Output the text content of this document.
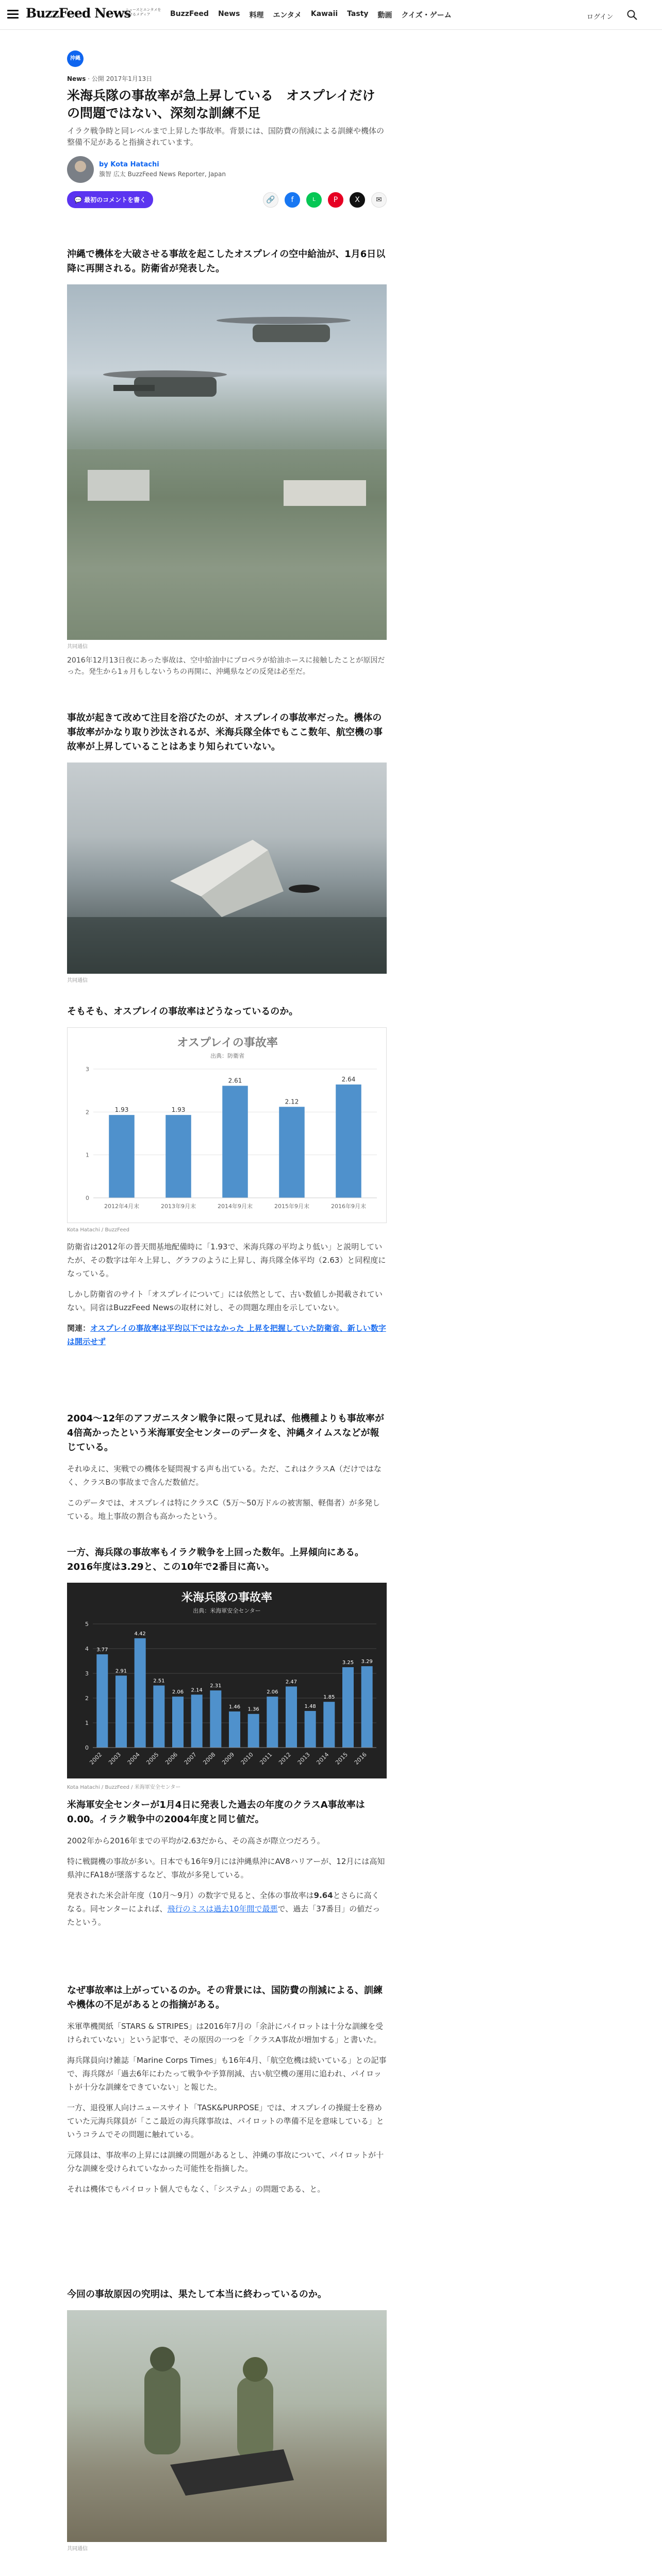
BuzzFeed News
ニュースとエンタメを届けるメディア	BuzzFeed News 料理 エンタメ Kawaii Tasty 動画 クイズ・ゲーム	ログイン
沖縄
News · 公開 2017年1月13日
米海兵隊の事故率が急上昇している　オスプレイだけの問題ではない、深刻な訓練不足
イラク戦争時と同レベルまで上昇した事故率。背景には、国防費の削減による訓練や機体の整備不足があると指摘されています。
by Kota Hatachi
籏智 広太 BuzzFeed News Reporter, Japan
💬 最初のコメントを書く	🔗	f	L	P	X	✉
沖縄で機体を大破させる事故を起こしたオスプレイの空中給油が、1月6日以降に再開される。防衛省が発表した。
共同通信
2016年12月13日夜にあった事故は、空中給油中にプロペラが給油ホースに接触したことが原因だった。発生から1ヵ月もしないうちの再開に、沖縄県などの反発は必至だ。
事故が起きて改めて注目を浴びたのが、オスプレイの事故率だった。機体の事故率がかなり取り沙汰されるが、米海兵隊全体でもここ数年、航空機の事故率が上昇していることはあまり知られていない。
共同通信
そもそも、オスプレイの事故率はどうなっているのか。
オスプレイの事故率
出典：防衛省
0
1
2
3
1.93
2012年4月末
1.93
2013年9月末
2.61
2014年9月末
2.12
2015年9月末
2.64
2016年9月末
Kota Hatachi / BuzzFeed

防衛省は2012年の普天間基地配備時に「1.93で、米海兵隊の平均より低い」と説明していたが、その数字は年々上昇し、グラフのように上昇し、海兵隊全体平均（2.63）と同程度になっている。

しかし防衛省のサイト「オスプレイについて」には依然として、古い数値しか掲載されていない。同省はBuzzFeed Newsの取材に対し、その問題な理由を示していない。

関連：オスプレイの事故率は平均以下ではなかった 上昇を把握していた防衛省、新しい数字は開示せず

2004〜12年のアフガニスタン戦争に限って見れば、他機種よりも事故率が4倍高かったという米海軍安全センターのデータを、沖縄タイムスなどが報じている。

それゆえに、実戦での機体を疑問視する声も出ている。ただ、これはクラスA（だけではなく、クラスBの事故まで含んだ数値だ。

このデータでは、オスプレイは特にクラスC（5万〜50万ドルの被害額、軽傷者）が多発している。地上事故の割合も高かったという。

一方、海兵隊の事故率もイラク戦争を上回った数年。上昇傾向にある。2016年度は3.29と、この10年で2番目に高い。
米海兵隊の事故率
出典：米海軍安全センター
0
1
2
3
4
5
3.77
2002
2.91
2003
4.42
2004
2.51
2005
2.06
2006
2.14
2007
2.31
2008
1.46
2009
1.36
2010
2.06
2011
2.47
2012
1.48
2013
1.85
2014
3.25
2015
3.29
2016
Kota Hatachi / BuzzFeed / 米海軍安全センター
米海軍安全センターが1月4日に発表した過去の年度のクラスA事故率は0.00。イラク戦争中の2004年度と同じ値だ。

2002年から2016年までの平均が2.63だから、その高さが際立つだろう。

特に戦闘機の事故が多い。日本でも16年9月には沖縄県沖にAV8ハリアーが、12月には高知県沖にFA18が墜落するなど、事故が多発している。

発表された米会計年度（10月〜9月）の数字で見ると、全体の事故率は9.64とさらに高くなる。同センターによれば、飛行のミスは過去10年間で最悪で、過去「37番目」の値だったという。

なぜ事故率は上がっているのか。その背景には、国防費の削減による、訓練や機体の不足があるとの指摘がある。

米軍準機関紙「STARS & STRIPES」は2016年7月の「余計にパイロットは十分な訓練を受けられていない」という記事で、その原因の一つを「クラスA事故が増加する」と書いた。

海兵隊員向け雑誌「Marine Corps Times」も16年4月、「航空危機は続いている」との記事で、海兵隊が「過去6年にわたって戦争や予算削減、古い航空機の運用に追われ、パイロットが十分な訓練をできていない」と報じた。

一方、退役軍人向けニュースサイト「TASK&PURPOSE」では、オスプレイの操縦士を務めていた元海兵隊員が「ここ最近の海兵隊事故は、パイロットの準備不足を意味している」というコラムでその問題に触れている。

元隊員は、事故率の上昇には訓練の問題があるとし、沖縄の事故について、パイロットが十分な訓練を受けられていなかった可能性を指摘した。

それは機体でもパイロット個人でもなく、「システム」の問題である、と。

今回の事故原因の究明は、果たして本当に終わっているのか。
共同通信
